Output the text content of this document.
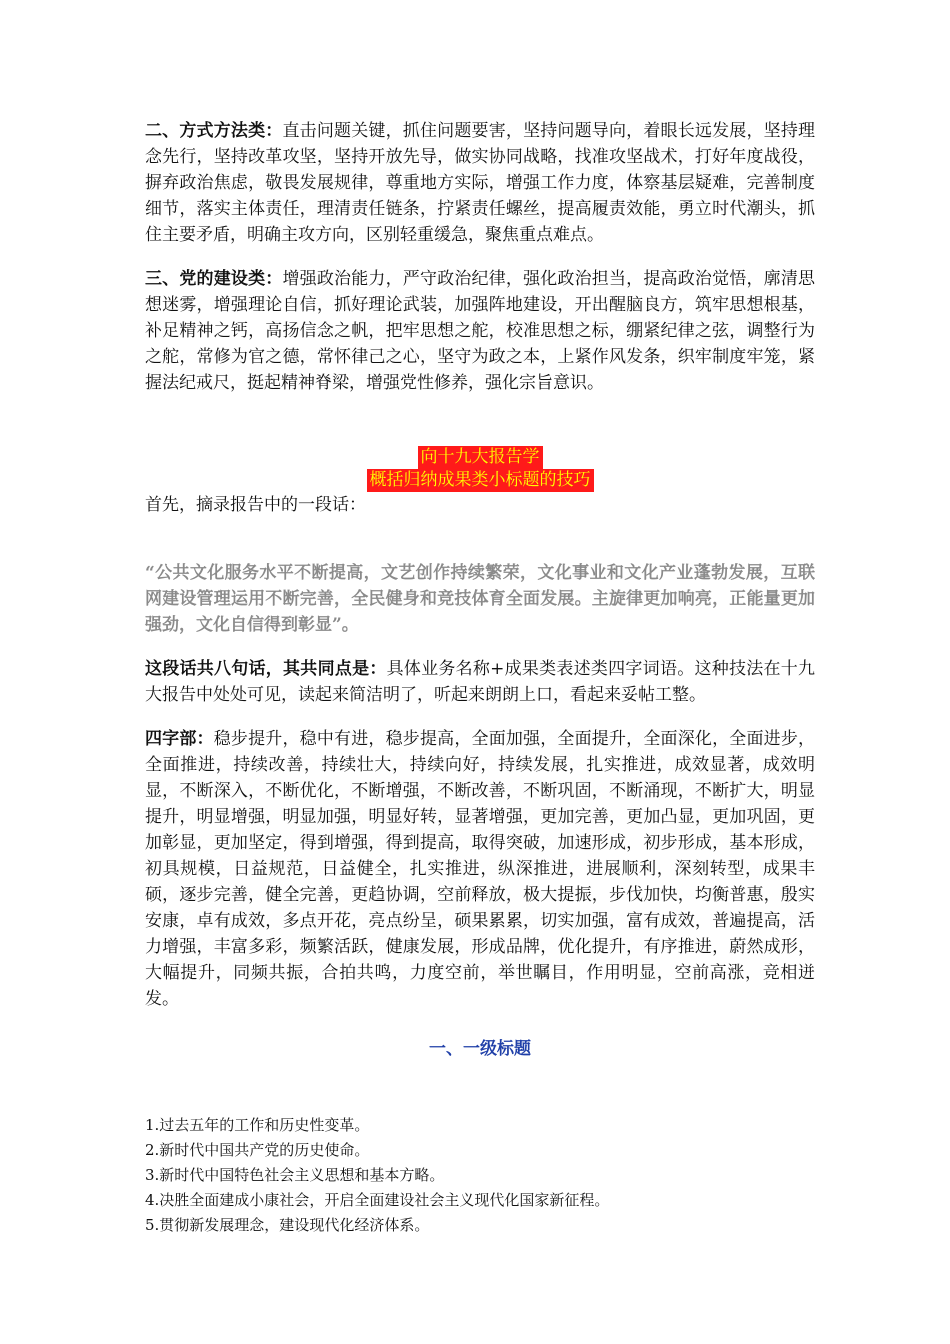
二、方式方法类：直击问题关键，抓住问题要害，坚持问题导向，着眼长远发展，坚持理念先行，坚持改革攻坚，坚持开放先导，做实协同战略，找准攻坚战术，打好年度战役，摒弃政治焦虑，敬畏发展规律，尊重地方实际，增强工作力度，体察基层疑难，完善制度细节，落实主体责任，理清责任链条，拧紧责任螺丝，提高履责效能，勇立时代潮头，抓住主要矛盾，明确主攻方向，区别轻重缓急，聚焦重点难点。

三、党的建设类：增强政治能力，严守政治纪律，强化政治担当，提高政治觉悟，廓清思想迷雾，增强理论自信，抓好理论武装，加强阵地建设，开出醒脑良方，筑牢思想根基，补足精神之钙，高扬信念之帆，把牢思想之舵，校准思想之标，绷紧纪律之弦，调整行为之舵，常修为官之德，常怀律己之心，坚守为政之本，上紧作风发条，织牢制度牢笼，紧握法纪戒尺，挺起精神脊梁，增强党性修养，强化宗旨意识。

向十九大报告学
概括归纳成果类小标题的技巧

首先，摘录报告中的一段话：

“公共文化服务水平不断提高，文艺创作持续繁荣，文化事业和文化产业蓬勃发展，互联网建设管理运用不断完善，全民健身和竞技体育全面发展。主旋律更加响亮，正能量更加强劲，文化自信得到彰显”。

这段话共八句话，其共同点是：具体业务名称+成果类表述类四字词语。这种技法在十九大报告中处处可见，读起来简洁明了，听起来朗朗上口，看起来妥帖工整。

四字部：稳步提升，稳中有进，稳步提高，全面加强，全面提升，全面深化，全面进步，全面推进，持续改善，持续壮大，持续向好，持续发展，扎实推进，成效显著，成效明显，不断深入，不断优化，不断增强，不断改善，不断巩固，不断涌现，不断扩大，明显提升，明显增强，明显加强，明显好转，显著增强，更加完善，更加凸显，更加巩固，更加彰显，更加坚定，得到增强，得到提高，取得突破，加速形成，初步形成，基本形成，初具规模，日益规范，日益健全，扎实推进，纵深推进，进展顺利，深刻转型，成果丰硕，逐步完善，健全完善，更趋协调，空前释放，极大提振，步伐加快，均衡普惠，殷实安康，卓有成效，多点开花，亮点纷呈，硕果累累，切实加强，富有成效，普遍提高，活力增强，丰富多彩，频繁活跃，健康发展，形成品牌，优化提升，有序推进，蔚然成形，大幅提升，同频共振，合拍共鸣，力度空前，举世瞩目，作用明显，空前高涨，竞相迸发。

一、一级标题

1.过去五年的工作和历史性变革。

2.新时代中国共产党的历史使命。

3.新时代中国特色社会主义思想和基本方略。

4.决胜全面建成小康社会，开启全面建设社会主义现代化国家新征程。

5.贯彻新发展理念，建设现代化经济体系。
